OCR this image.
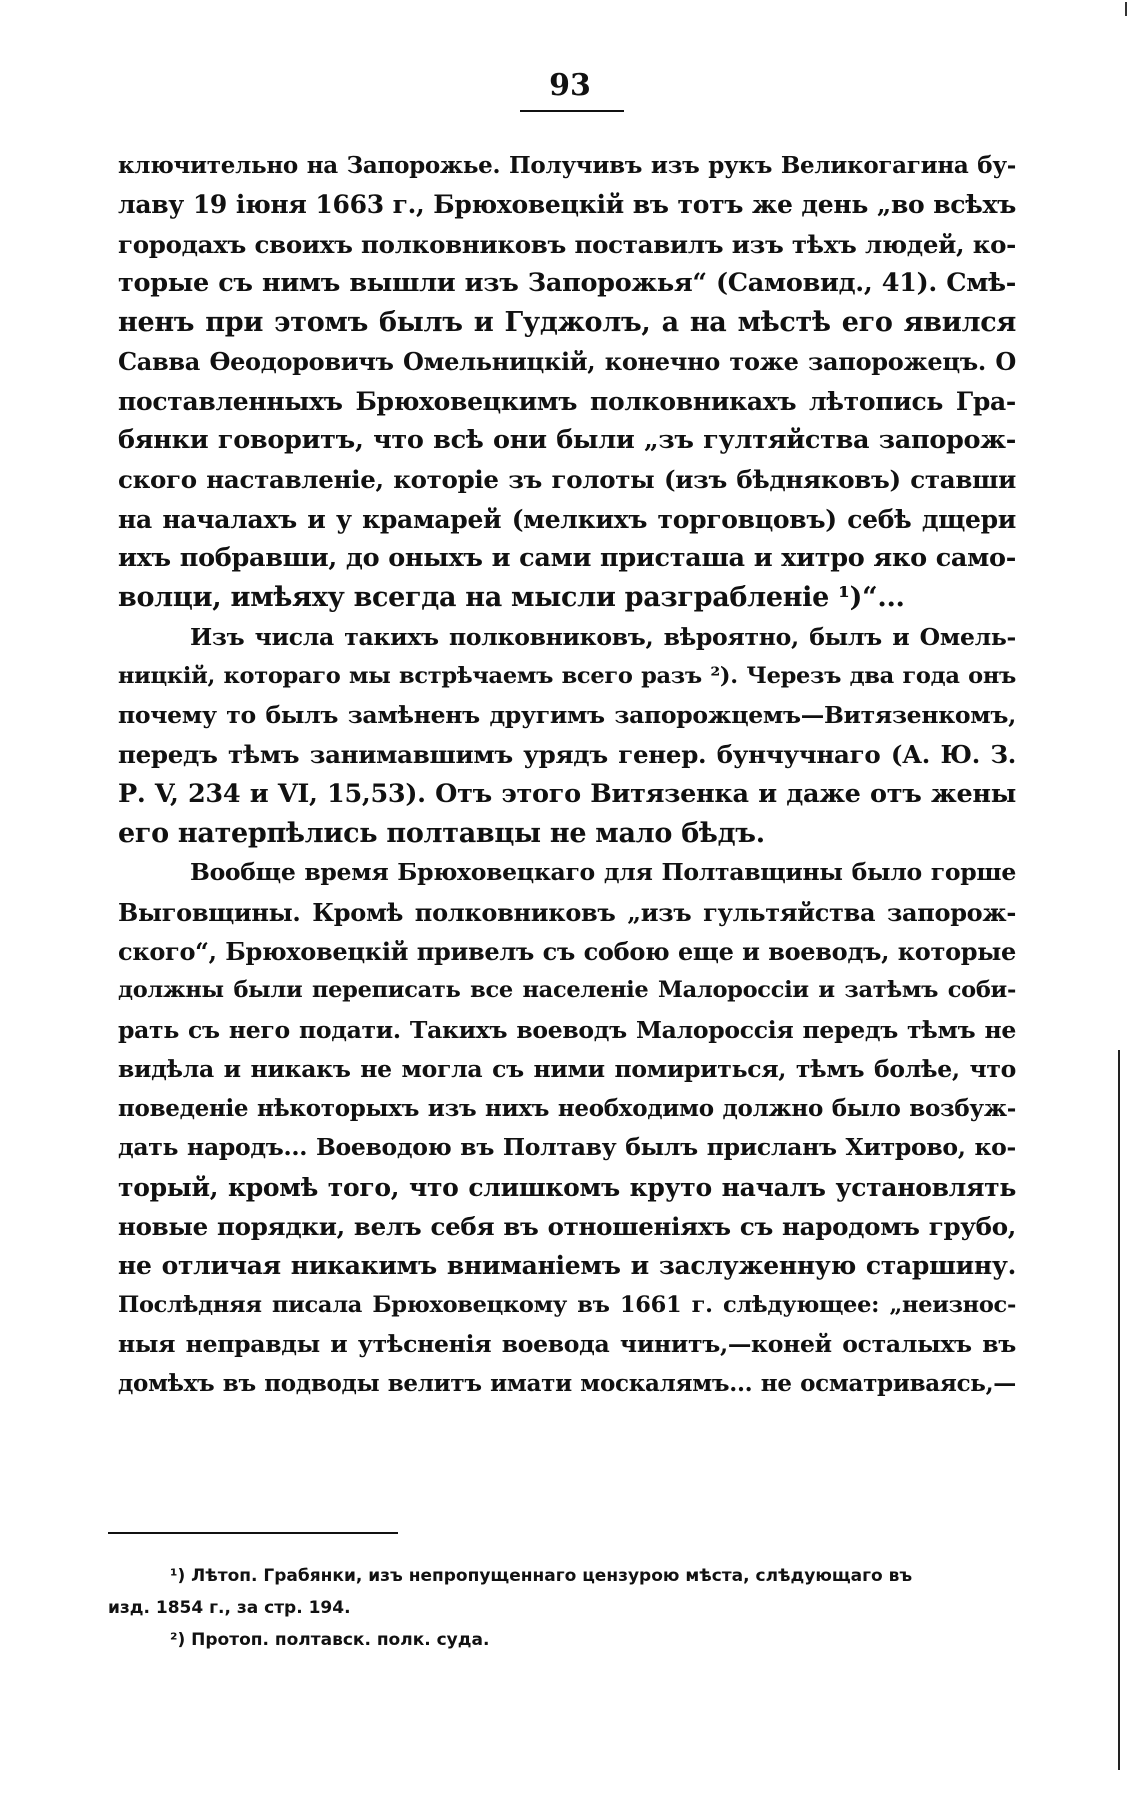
93
ключительно на Запорожье. Получивъ изъ рукъ Великогагина бу-
лаву 19 іюня 1663 г., Брюховецкій въ тотъ же день „во всѣхъ
городахъ своихъ полковниковъ поставилъ изъ тѣхъ людей, ко-
торые съ нимъ вышли изъ Запорожья“ (Самовид., 41). Смѣ-
ненъ при этомъ былъ и Гуджолъ, а на мѣстѣ его явился
Савва Ѳеодоровичъ Омельницкій, конечно тоже запорожецъ. О
поставленныхъ Брюховецкимъ полковникахъ лѣтопись Гра-
бянки говоритъ, что всѣ они были „зъ гултяйства запорож-
ского наставленіе, которіе зъ голоты (изъ бѣдняковъ) ставши
на началахъ и у крамарей (мелкихъ торговцовъ) себѣ дщери
ихъ побравши, до оныхъ и сами присташа и хитро яко само-
волци, имѣяху всегда на мысли разграбленіе ¹)“...
Изъ числа такихъ полковниковъ, вѣроятно, былъ и Омель-
ницкій, котораго мы встрѣчаемъ всего разъ ²). Черезъ два года онъ
почему то былъ замѣненъ другимъ запорожцемъ—Витязенкомъ,
передъ тѣмъ занимавшимъ урядъ генер. бунчучнаго (А. Ю. З.
Р. V, 234 и VI, 15,53). Отъ этого Витязенка и даже отъ жены
его натерпѣлись полтавцы не мало бѣдъ.
Вообще время Брюховецкаго для Полтавщины было горше
Выговщины. Кромѣ полковниковъ „изъ гультяйства запорож-
ского“, Брюховецкій привелъ съ собою еще и воеводъ, которые
должны были переписать все населеніе Малороссіи и затѣмъ соби-
рать съ него подати. Такихъ воеводъ Малороссія передъ тѣмъ не
видѣла и никакъ не могла съ ними помириться, тѣмъ болѣе, что
поведеніе нѣкоторыхъ изъ нихъ необходимо должно было возбуж-
дать народъ... Воеводою въ Полтаву былъ присланъ Хитрово, ко-
торый, кромѣ того, что слишкомъ круто началъ установлять
новые порядки, велъ себя въ отношеніяхъ съ народомъ грубо,
не отличая никакимъ вниманіемъ и заслуженную старшину.
Послѣдняя писала Брюховецкому въ 1661 г. слѣдующее: „неизнос-
ныя неправды и утѣсненія воевода чинитъ,—коней осталыхъ въ
домѣхъ въ подводы велитъ имати москалямъ... не осматриваясь,—
¹) Лѣтоп. Грабянки, изъ непропущеннаго цензурою мѣста, слѣдующаго въ
изд. 1854 г., за стр. 194.
²) Протоп. полтавск. полк. суда.
